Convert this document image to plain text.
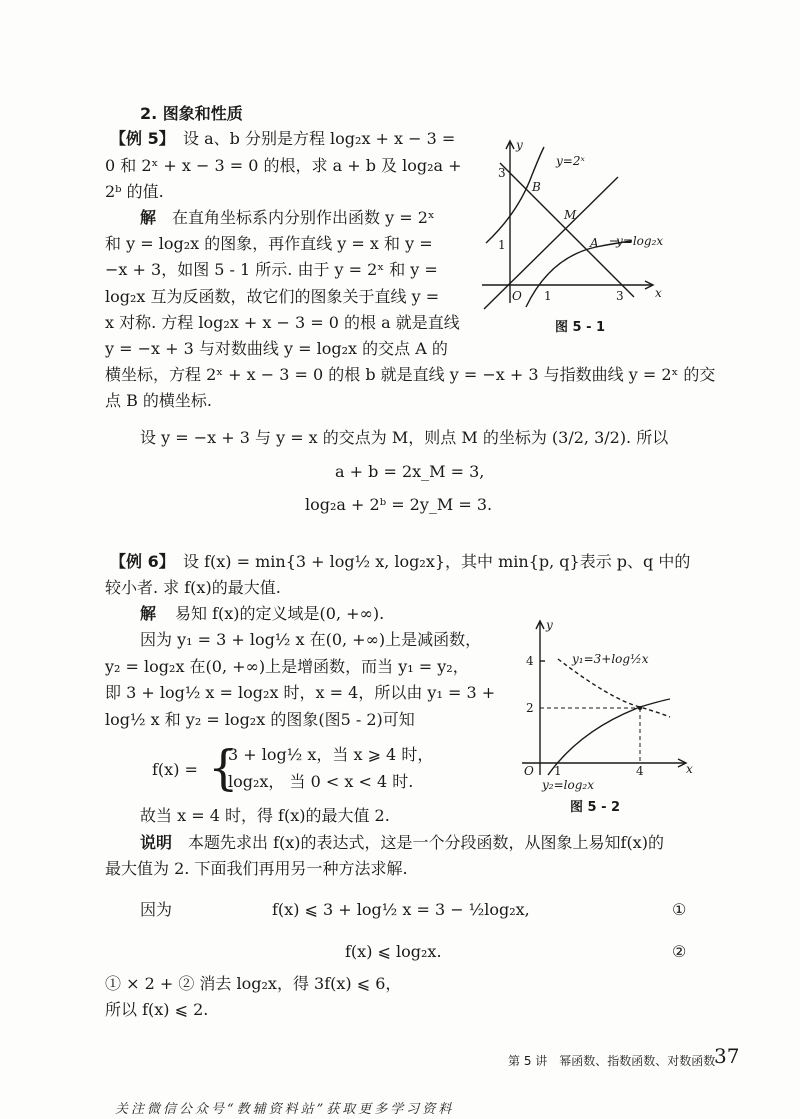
2. 图象和性质
【例 5】 设 a、b 分别是方程 log₂x + x − 3 =
0 和 2ˣ + x − 3 = 0 的根，求 a + b 及 log₂a +
2ᵇ 的值.
解 在直角坐标系内分别作出函数 y = 2ˣ
和 y = log₂x 的图象，再作直线 y = x 和 y =
−x + 3，如图 5 - 1 所示. 由于 y = 2ˣ 和 y =
log₂x 互为反函数，故它们的图象关于直线 y =
x 对称. 方程 log₂x + x − 3 = 0 的根 a 就是直线
y = −x + 3 与对数曲线 y = log₂x 的交点 A 的
横坐标，方程 2ˣ + x − 3 = 0 的根 b 就是直线 y = −x + 3 与指数曲线 y = 2ˣ 的交
点 B 的横坐标.
设 y = −x + 3 与 y = x 的交点为 M，则点 M 的坐标为 (3/2, 3/2). 所以
a + b = 2x_M = 3,
log₂a + 2ᵇ = 2y_M = 3.
y
x
O 1	3
1
3
y=2ˣ
y=log₂x
A
B
M
图 5 - 1
【例 6】 设 f(x) = min{3 + log½ x, log₂x}，其中 min{p, q}表示 p、q 中的
较小者. 求 f(x)的最大值.
解 易知 f(x)的定义域是(0, +∞).
因为 y₁ = 3 + log½ x 在(0, +∞)上是减函数，
y₂ = log₂x 在(0, +∞)上是增函数，而当 y₁ = y₂，
即 3 + log½ x = log₂x 时，x = 4，所以由 y₁ = 3 +
log½ x 和 y₂ = log₂x 的图象(图5 - 2)可知
f(x) = {
3 + log½ x，当 x ⩾ 4 时，
log₂x， 当 0 < x < 4 时.
故当 x = 4 时，得 f(x)的最大值 2.
y
x
O
4
2
1	4
y₁=3+log½x
y₂=log₂x
图 5 - 2
说明 本题先求出 f(x)的表达式，这是一个分段函数，从图象上易知f(x)的
最大值为 2. 下面我们再用另一种方法求解.
因为	f(x) ⩽ 3 + log½ x = 3 − ½log₂x,	①
f(x) ⩽ log₂x.	②
① × 2 + ② 消去 log₂x，得 3f(x) ⩽ 6，
所以 f(x) ⩽ 2.
第 5 讲　幂函数、指数函数、对数函数
37
关注微信公众号“教辅资料站”获取更多学习资料
